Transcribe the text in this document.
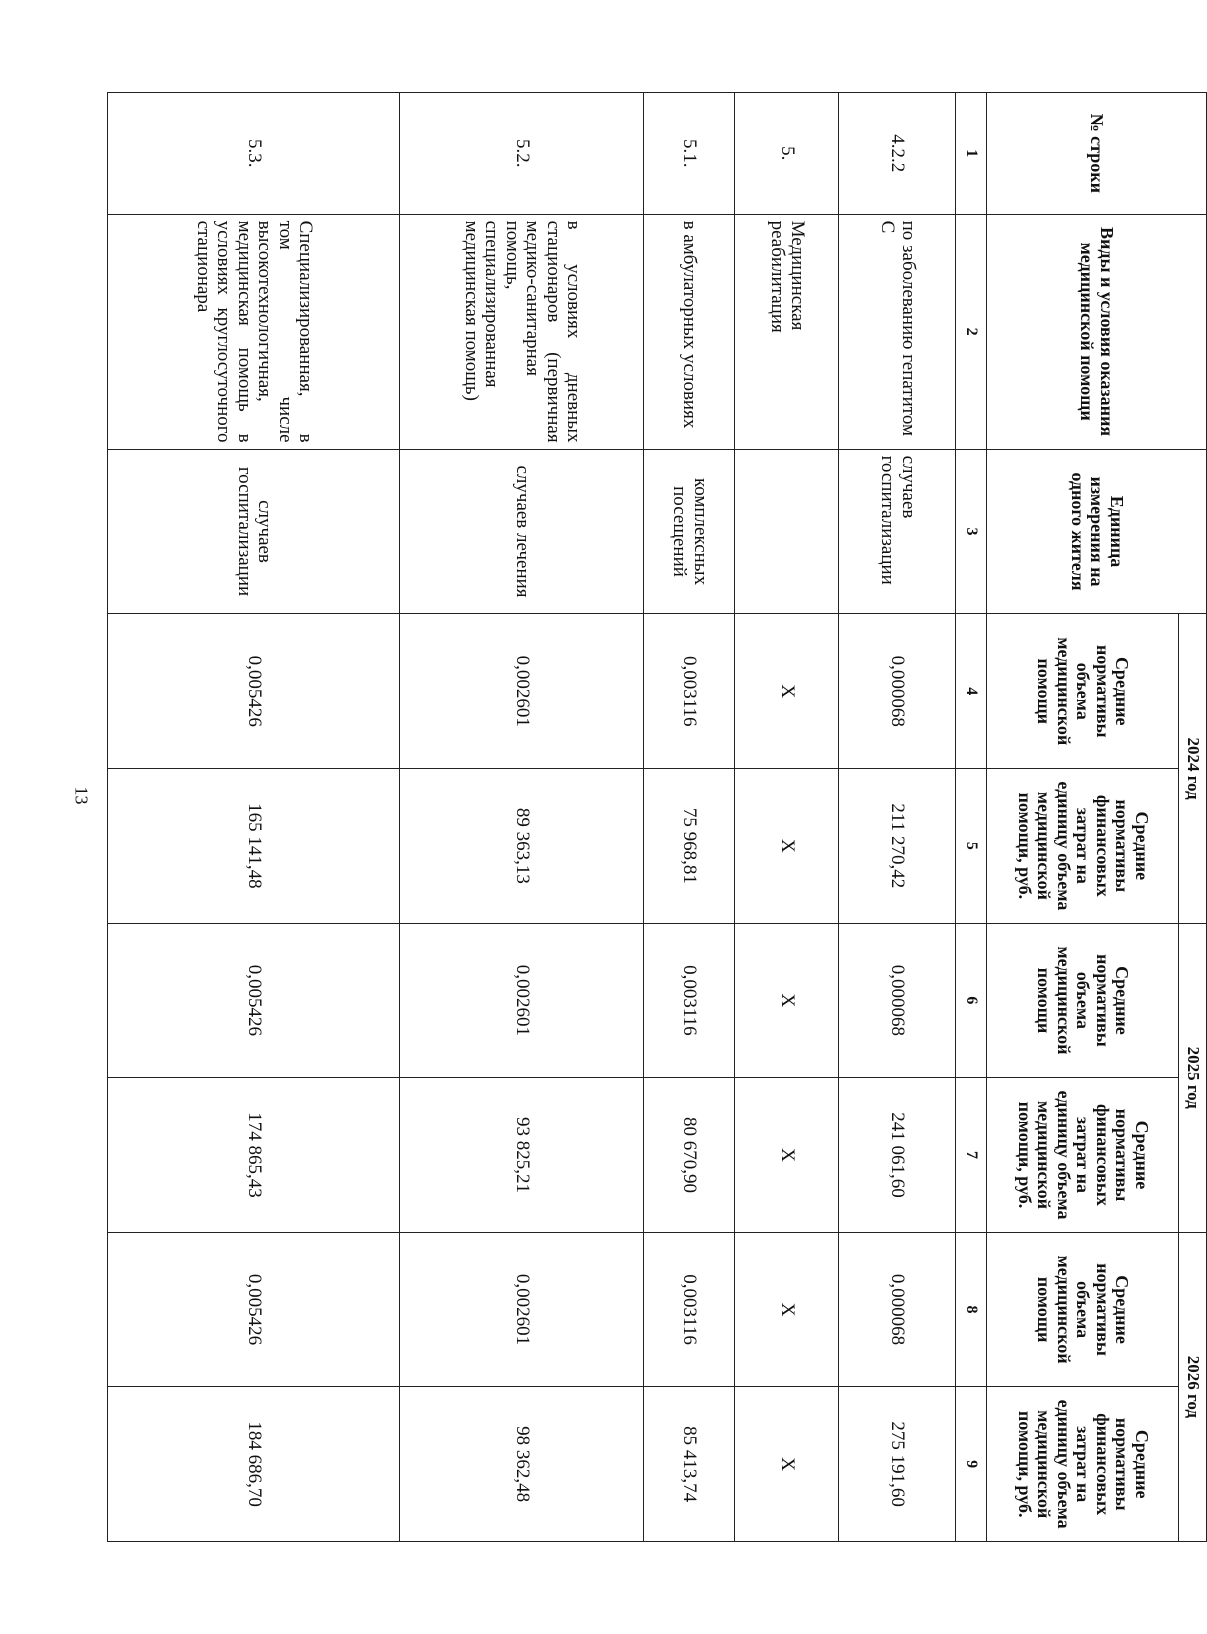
13
№ строки	Виды и условия оказания медицинской помощи	Единица измерения на одного жителя	2024 год		2025 год		2026 год	
			Средние нормативы объема медицинской помощи	Средние нормативы финансовых затрат на единицу объема медицинской помощи, руб.	Средние нормативы объема медицинской помощи	Средние нормативы финансовых затрат на единицу объема медицинской помощи, руб.	Средние нормативы объема медицинской помощи	Средние нормативы финансовых затрат на единицу объема медицинской помощи, руб.
1	2	3	4	5	6	7	8	9
4.2.2	по заболеванию гепатитом С	случаев госпитализации	0,000068	211 270,42	0,000068	241 061,60	0,000068	275 191,60
5.	Медицинская реабилитация		X	X	X	X	X	X
5.1.	в амбулаторных условиях	комплексных посещений	0,003116	75 968,81	0,003116	80 670,90	0,003116	85 413,74
5.2.	в условиях дневных стационаров (первичная медико-санитарная помощь, специализированная медицинская помощь)	случаев лечения	0,002601	89 363,13	0,002601	93 825,21	0,002601	98 362,48
5.3.	Специализированная, в том числе высокотехнологичная, медицинская помощь в условиях круглосуточного стационара	случаев госпитализации	0,005426	165 141,48	0,005426	174 865,43	0,005426	184 686,70
